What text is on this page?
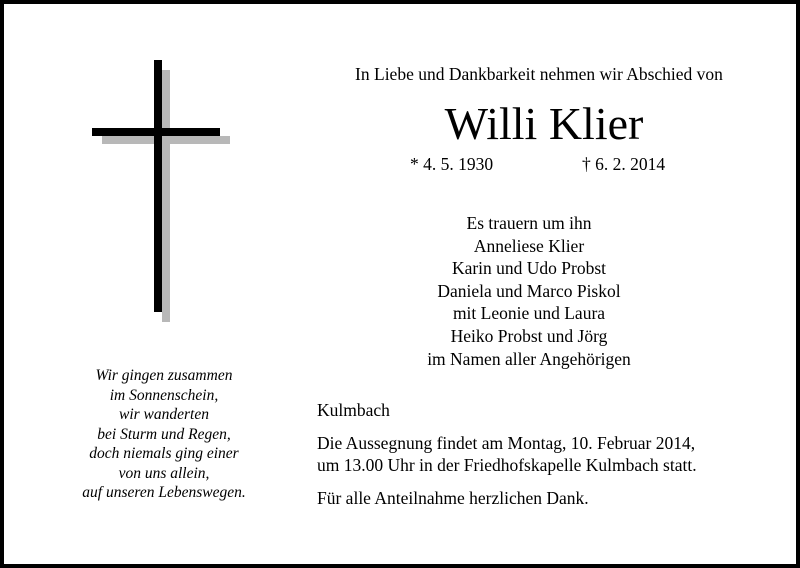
Wir gingen zusammen
im Sonnenschein,
wir wanderten
bei Sturm und Regen,
doch niemals ging einer
von uns allein,
auf unseren Lebenswegen.
In Liebe und Dankbarkeit nehmen wir Abschied von
Willi Klier
* 4. 5. 1930	† 6. 2. 2014
Es trauern um ihn
Anneliese Klier
Karin und Udo Probst
Daniela und Marco Piskol
mit Leonie und Laura
Heiko Probst und Jörg
im Namen aller Angehörigen
Kulmbach
Die Aussegnung findet am Montag, 10. Februar 2014,
um 13.00 Uhr in der Friedhofskapelle Kulmbach statt.
Für alle Anteilnahme herzlichen Dank.
